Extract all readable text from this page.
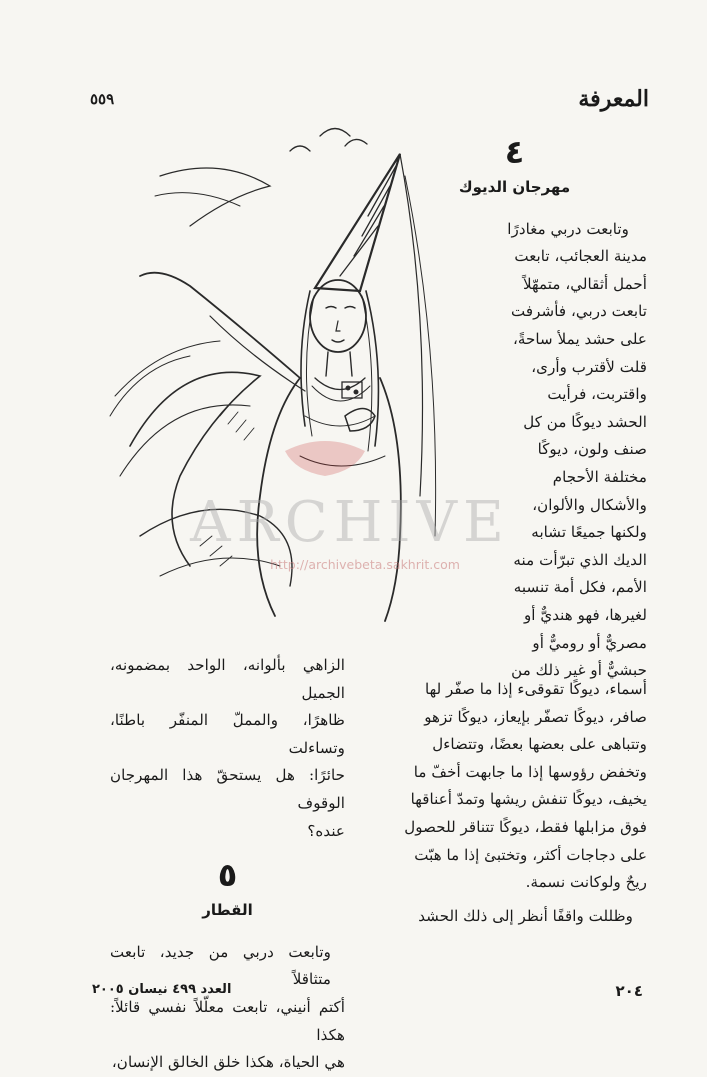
المعرفة
٥٥٩
ARCHIVE
http://archivebeta.sakhrit.com
٤
مهرجان الديوك

وتابعت دربي مغادرًا

مدينة العجائب، تابعت

أحمل أثقالي، متمهّلاً

تابعت دربي، فأشرفت

على حشد يملأ ساحةً،

قلت لأقترب وأرى،

واقتربت، فرأيت

الحشد ديوكًا من كل

صنف ولون، ديوكًا

مختلفة الأحجام

والأشكال والألوان،

ولكنها جميعًا تشابه

الديك الذي تبرّأت منه

الأمم، فكل أمة تنسبه

لغيرها، فهو هنديٌّ أو

مصريٌّ أو روميٌّ أو

حبشيٌّ أو غير ذلك من

أسماء، ديوكًا تقوقىء إذا ما صفّر لها

صافر، ديوكًا تصفّر بإيعاز، ديوكًا تزهو

وتتباهى على بعضها بعضًا، وتتضاءل

وتخفض رؤوسها إذا ما جابهت أخفّ ما

يخيف، ديوكًا تنفش ريشها وتمدّ أعناقها

فوق مزابلها فقط، ديوكًا تتناقر للحصول

على دجاجات أكثر، وتختبئ إذا ما هبّت

ريحٌ ولوكانت نسمة.

وظللت واقفًا أنظر إلى ذلك الحشد

الزاهي بألوانه، الواحد بمضمونه، الجميل

ظاهرًا، والمملّ المنفّر باطنًا، وتساءلت

حائرًا: هل يستحقّ هذا المهرجان الوقوف

عنده؟

٥
القطار

وتابعت دربي من جديد، تابعت متثاقلاً

أكتم أنيني، تابعت معلّلاً نفسي قائلاً: هكذا

هي الحياة، هكذا خلق الخالق الإنسان،

٢٠٤
العدد ٤٩٩ نيسان ٢٠٠٥
